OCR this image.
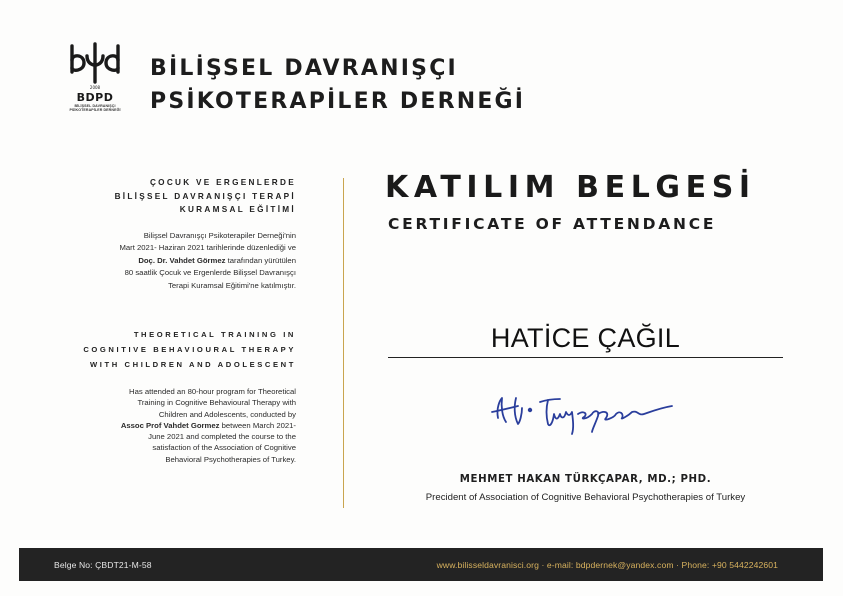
2008
BDPD
BİLİŞSEL DAVRANIŞÇI
PSİKOTERAPİLER DERNEĞİ
BİLİŞSEL DAVRANIŞÇI
PSİKOTERAPİLER DERNEĞİ
ÇOCUK VE ERGENLERDE
BİLİŞSEL DAVRANIŞÇI TERAPİ
KURAMSAL EĞİTİMİ
Bilişsel Davranışçı Psikoterapiler Derneği'nin
Mart 2021- Haziran 2021 tarihlerinde düzenlediği ve
Doç. Dr. Vahdet Görmez tarafından yürütülen
80 saatlik Çocuk ve Ergenlerde Bilişsel Davranışçı
Terapi Kuramsal Eğitimi'ne katılmıştır.
THEORETICAL TRAINING IN
COGNITIVE BEHAVIOURAL THERAPY
WITH CHILDREN AND ADOLESCENT
Has attended an 80-hour program for Theoretical
Training in Cognitive Behavioural Therapy with
Children and Adolescents, conducted by
Assoc Prof Vahdet Gormez between March 2021-
June 2021 and completed the course to the
satisfaction of the Association of Cognitive
Behavioral Psychotherapies of Turkey.
KATILIM BELGESİ
CERTIFICATE OF ATTENDANCE
HATİCE ÇAĞIL
MEHMET HAKAN TÜRKÇAPAR, MD.; PHD.
Precident of Association of Cognitive Behavioral Psychotherapies of Turkey
Belge No: ÇBDT21-M-58	www.bilisseldavranisci.org · e-mail: bdpdernek@yandex.com · Phone: +90 5442242601
